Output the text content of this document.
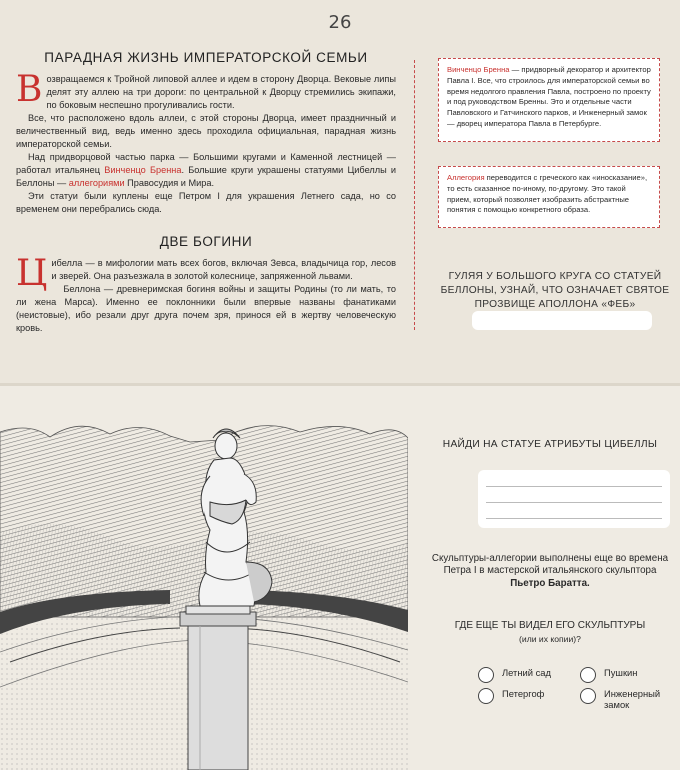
26
ПАРАДНАЯ ЖИЗНЬ ИМПЕРАТОРСКОЙ СЕМЬИ

Возвращаемся к Тройной липовой аллее и идем в сторону Дворца. Вековые липы делят эту аллею на три дороги: по центральной к Дворцу стремились экипажи, по боковым неспешно прогуливались гости.

Все, что расположено вдоль аллеи, с этой стороны Дворца, имеет праздничный и величественный вид, ведь именно здесь проходила официальная, парадная жизнь императорской семьи.

Над придворцовой частью парка — Большими кругами и Каменной лестницей — работал итальянец Винченцо Бренна. Большие круги украшены статуями Цибеллы и Беллоны — аллегориями Правосудия и Мира.

Эти статуи были куплены еще Петром I для украшения Летнего сада, но со временем они перебрались сюда.

ДВЕ БОГИНИ

Цибелла — в мифологии мать всех богов, включая Зевса, владычица гор, лесов и зверей. Она разъезжала в золотой колеснице, запряженной львами.

Беллона — древнеримская богиня войны и защиты Родины (то ли мать, то ли жена Марса). Именно ее поклонники были впервые названы фанатиками (неистовые), ибо резали друг друга почем зря, принося ей в жертву человеческую кровь.

Винченцо Бренна — придворный декоратор и архитектор Павла I. Все, что строилось для императорской семьи во время недолгого правления Павла, построено по проекту и под руководством Бренны. Это и отдельные части Павловского и Гатчинского парков, и Инженерный замок — дворец императора Павла в Петербурге.
Аллегория переводится с греческого как «иносказание», то есть сказанное по-иному, по-другому. Это такой прием, который позволяет изобразить абстрактные понятия с помощью конкретного образа.
ГУЛЯЯ У БОЛЬШОГО КРУГА СО СТАТУЕЙ БЕЛЛОНЫ, УЗНАЙ, ЧТО ОЗНАЧАЕТ СВЯТОЕ ПРОЗВИЩЕ АПОЛЛОНА «ФЕБ»
НАЙДИ НА СТАТУЕ АТРИБУТЫ ЦИБЕЛЛЫ
Скульптуры-аллегории выполнены еще во времена Петра I в мастерской итальянского скульптора
Пьетро Баратта.
ГДЕ ЕЩЕ ТЫ ВИДЕЛ ЕГО СКУЛЬПТУРЫ
(или их копии)?
Летний сад	Пушкин
Петергоф	Инженерный замок
